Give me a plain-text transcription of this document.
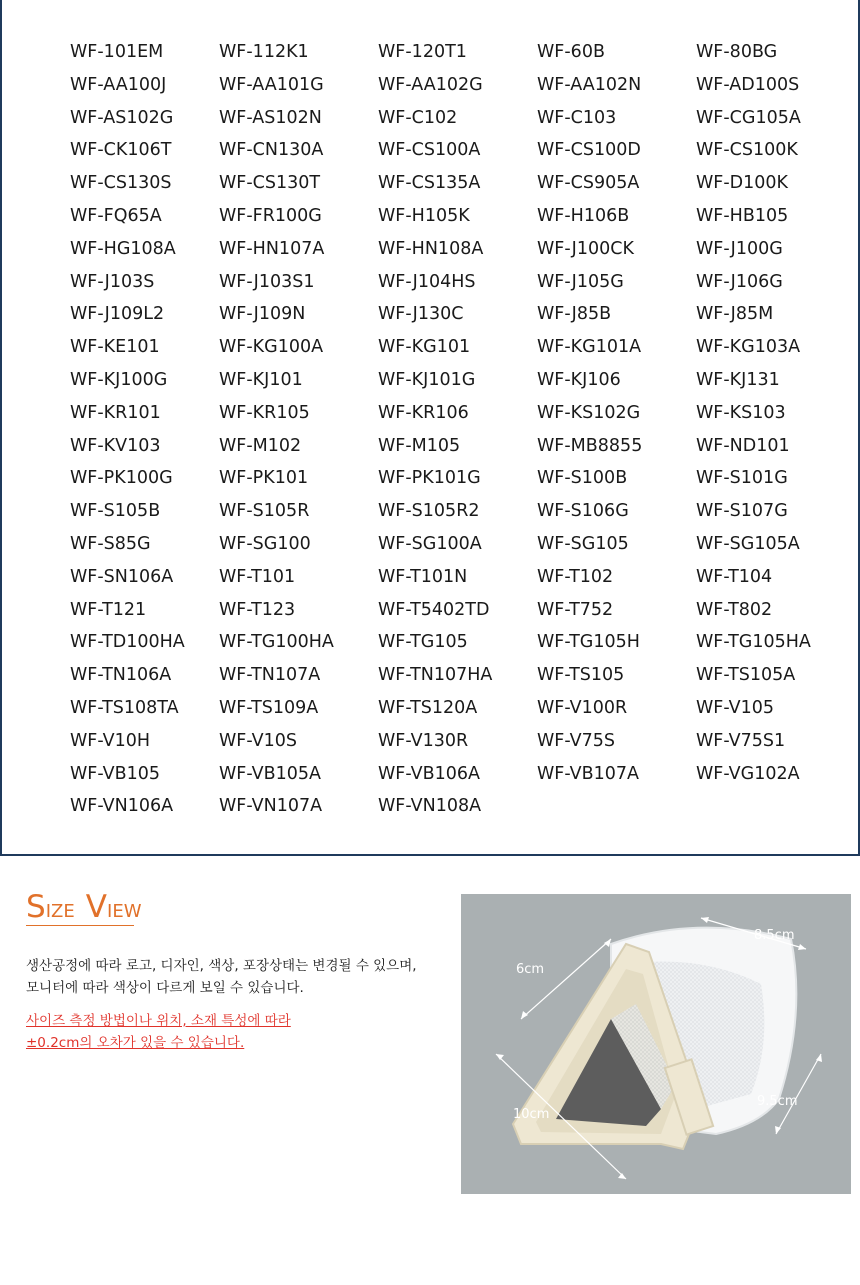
WF-101EM	WF-112K1	WF-120T1	WF-60B	WF-80BG
WF-AA100J	WF-AA101G	WF-AA102G	WF-AA102N	WF-AD100S
WF-AS102G	WF-AS102N	WF-C102	WF-C103	WF-CG105A
WF-CK106T	WF-CN130A	WF-CS100A	WF-CS100D	WF-CS100K
WF-CS130S	WF-CS130T	WF-CS135A	WF-CS905A	WF-D100K
WF-FQ65A	WF-FR100G	WF-H105K	WF-H106B	WF-HB105
WF-HG108A	WF-HN107A	WF-HN108A	WF-J100CK	WF-J100G
WF-J103S	WF-J103S1	WF-J104HS	WF-J105G	WF-J106G
WF-J109L2	WF-J109N	WF-J130C	WF-J85B	WF-J85M
WF-KE101	WF-KG100A	WF-KG101	WF-KG101A	WF-KG103A
WF-KJ100G	WF-KJ101	WF-KJ101G	WF-KJ106	WF-KJ131
WF-KR101	WF-KR105	WF-KR106	WF-KS102G	WF-KS103
WF-KV103	WF-M102	WF-M105	WF-MB8855	WF-ND101
WF-PK100G	WF-PK101	WF-PK101G	WF-S100B	WF-S101G
WF-S105B	WF-S105R	WF-S105R2	WF-S106G	WF-S107G
WF-S85G	WF-SG100	WF-SG100A	WF-SG105	WF-SG105A
WF-SN106A	WF-T101	WF-T101N	WF-T102	WF-T104
WF-T121	WF-T123	WF-T5402TD	WF-T752	WF-T802
WF-TD100HA	WF-TG100HA	WF-TG105	WF-TG105H	WF-TG105HA
WF-TN106A	WF-TN107A	WF-TN107HA	WF-TS105	WF-TS105A
WF-TS108TA	WF-TS109A	WF-TS120A	WF-V100R	WF-V105
WF-V10H	WF-V10S	WF-V130R	WF-V75S	WF-V75S1
WF-VB105	WF-VB105A	WF-VB106A	WF-VB107A	WF-VG102A
WF-VN106A	WF-VN107A	WF-VN108A
SIZE VIEW
생산공정에 따라 로고, 디자인, 색상, 포장상태는 변경될 수 있으며,
모니터에 따라 색상이 다르게 보일 수 있습니다.
사이즈 측정 방법이나 위치, 소재 특성에 따라
±0.2cm의 오차가 있을 수 있습니다.
8.5cm
6cm
9.5cm
10cm
